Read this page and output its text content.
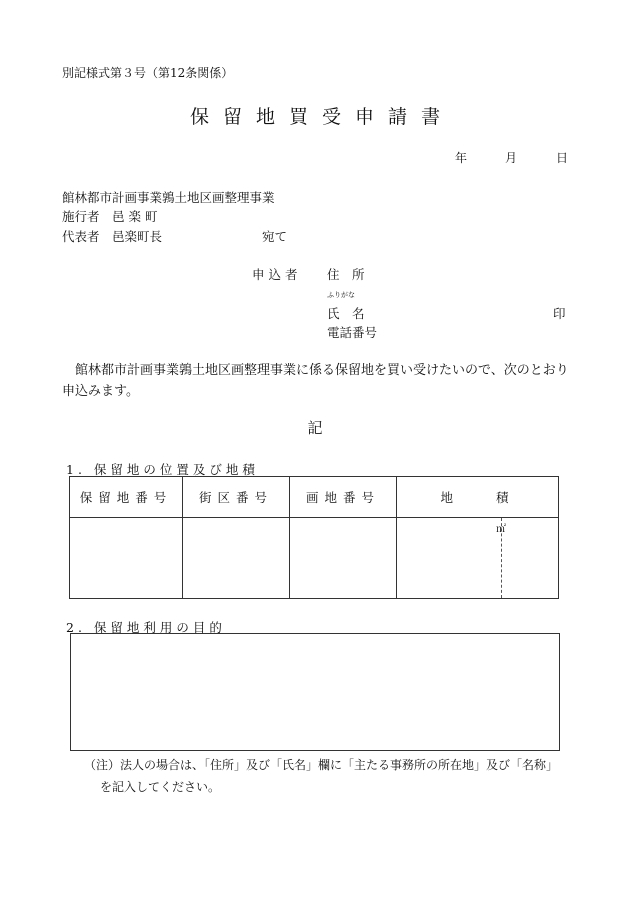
別記様式第３号（第12条関係）
保留地買受申請書
年	月	日
館林都市計画事業鶉土地区画整理事業
施行者　邑 楽 町
代表者　邑楽町長	宛て
申 込 者 住　所
ふりがな
氏　名	印
電話番号
館林都市計画事業鶉土地区画整理事業に係る保留地を買い受けたいので、次のとおり申込みます。
記
1. 保留地の位置及び地積
保留地番号	街区番号	画地番号	地　　積

			㎡
2. 保留地利用の目的
（注）法人の場合は、「住所」及び「氏名」欄に「主たる事務所の所在地」及び「名称」
を記入してください。
